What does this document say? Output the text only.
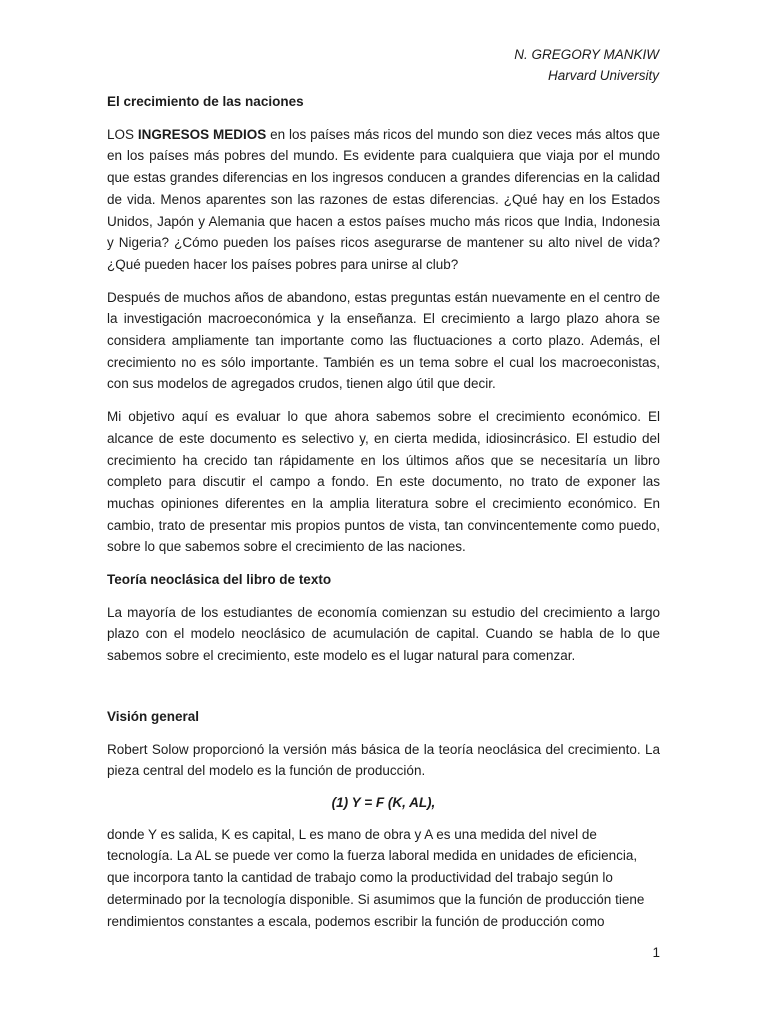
N. GREGORY MANKIW
Harvard University
El crecimiento de las naciones

LOS INGRESOS MEDIOS en los países más ricos del mundo son diez veces más altos que en los países más pobres del mundo. Es evidente para cualquiera que viaja por el mundo que estas grandes diferencias en los ingresos conducen a grandes diferencias en la calidad de vida. Menos aparentes son las razones de estas diferencias. ¿Qué hay en los Estados Unidos, Japón y Alemania que hacen a estos países mucho más ricos que India, Indonesia y Nigeria? ¿Cómo pueden los países ricos asegurarse de mantener su alto nivel de vida? ¿Qué pueden hacer los países pobres para unirse al club?

Después de muchos años de abandono, estas preguntas están nuevamente en el centro de la investigación macroeconómica y la enseñanza. El crecimiento a largo plazo ahora se considera ampliamente tan importante como las fluctuaciones a corto plazo. Además, el crecimiento no es sólo importante. También es un tema sobre el cual los macroeconistas, con sus modelos de agregados crudos, tienen algo útil que decir.

Mi objetivo aquí es evaluar lo que ahora sabemos sobre el crecimiento económico. El alcance de este documento es selectivo y, en cierta medida, idiosincrásico. El estudio del crecimiento ha crecido tan rápidamente en los últimos años que se necesitaría un libro completo para discutir el campo a fondo. En este documento, no trato de exponer las muchas opiniones diferentes en la amplia literatura sobre el crecimiento económico. En cambio, trato de presentar mis propios puntos de vista, tan convincentemente como puedo, sobre lo que sabemos sobre el crecimiento de las naciones.

Teoría neoclásica del libro de texto

La mayoría de los estudiantes de economía comienzan su estudio del crecimiento a largo plazo con el modelo neoclásico de acumulación de capital. Cuando se habla de lo que sabemos sobre el crecimiento, este modelo es el lugar natural para comenzar.

Visión general

Robert Solow proporcionó la versión más básica de la teoría neoclásica del crecimiento. La pieza central del modelo es la función de producción.

(1) Y = F (K, AL),

donde Y es salida, K es capital, L es mano de obra y A es una medida del nivel de tecnología. La AL se puede ver como la fuerza laboral medida en unidades de eficiencia, que incorpora tanto la cantidad de trabajo como la productividad del trabajo según lo determinado por la tecnología disponible. Si asumimos que la función de producción tiene rendimientos constantes a escala, podemos escribir la función de producción como

1
